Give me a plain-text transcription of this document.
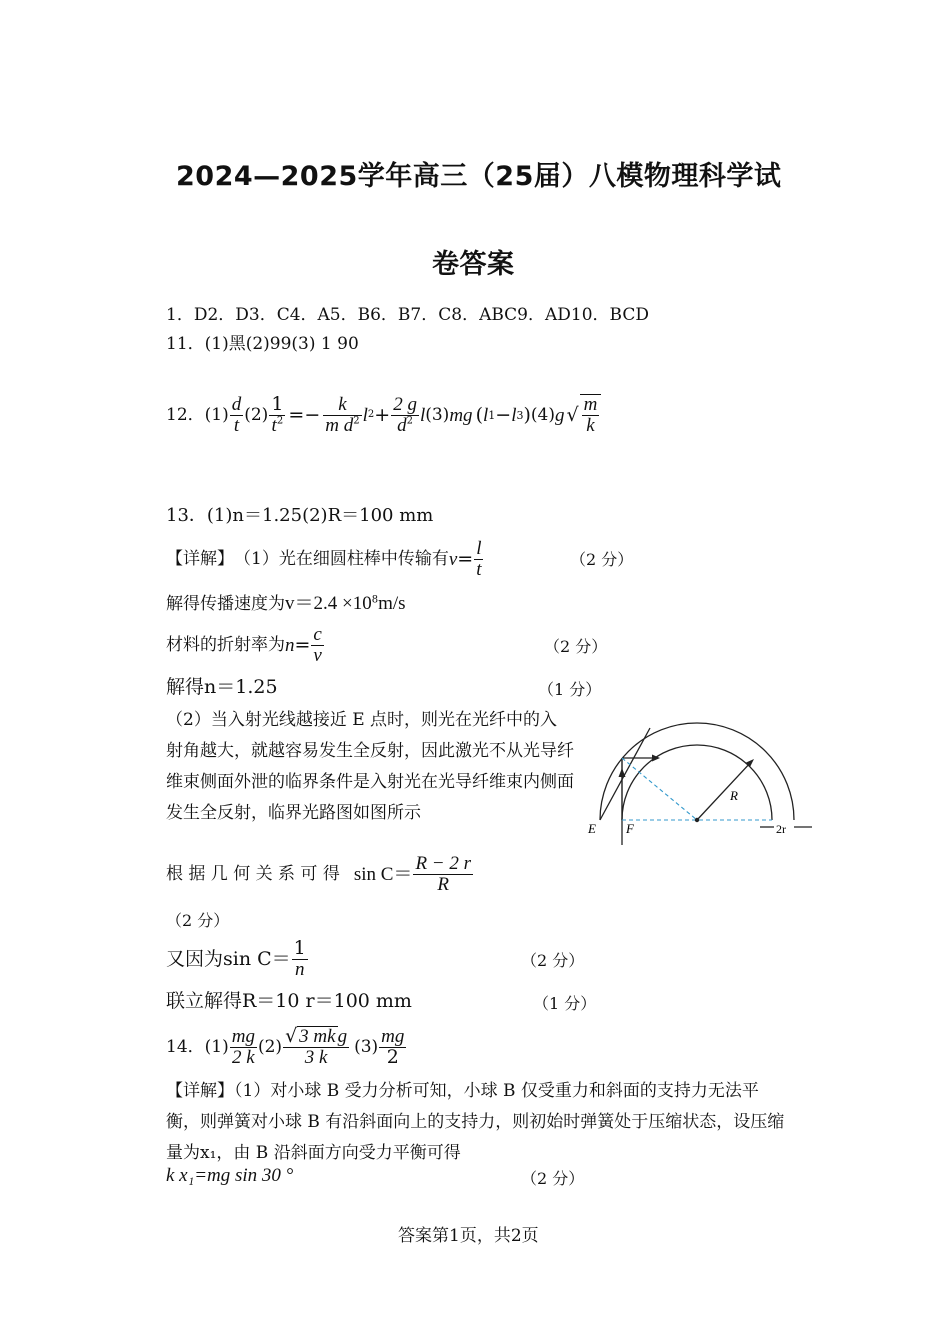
2024—2025学年高三（25届）八模物理科学试
卷答案
1．D2．D3．C4．A5．B6．B7．C8．ABC9．AD10．BCD
11．(1)黑(2)99(3) 1 90
12． $(1) \frac{d}{t} (2) \frac{1}{t^2} =- \frac{k}{m d^2}$ l $2 + \frac{2 g}{d^2}$ l (3) mg ( l 1 − l 3 ) (4) g √ $\frac{m}{k}$
13．(1)n＝1.25(2)R＝100 mm
【详解】 （1）光在细圆柱棒中传输有 $v = \frac{l}{t}$	（2 分）
解得传播速度为$v=2.4 \times 10^8m/s$
材料的折射率为 $n = \frac{c}{v}$	（2 分）
解得n＝1.25	（1 分）
（2）当入射光线越接近 E 点时，则光在光纤中的入射角越大，就越容易发生全反射，因此激光不从光导纤维束侧面外泄的临界条件是入射光在光导纤维束内侧面发生全反射，临界光路图如图所示
R
E F	2r
根 据 几 何 关 系 可 得 $\sin C= \frac{R - 2 r}{R}$
（2 分）
又因为$\sin C= \frac{1}{n}$	（2 分）
联立解得R＝10 r＝100 mm	（1 分）
14． $(1) \frac{mg}{2 k} (2) \frac{\text{√ 3 mk g}}{3 k} (3) \frac{mg}{2}$
【详解】（1）对小球 B 受力分析可知，小球 B 仅受重力和斜面的支持力无法平衡，则弹簧对小球 B 有沿斜面向上的支持力，则初始时弹簧处于压缩状态，设压缩量为x₁，由 B 沿斜面方向受力平衡可得
k x₁=mg sin 30 °	（2 分）
答案第1页，共2页
